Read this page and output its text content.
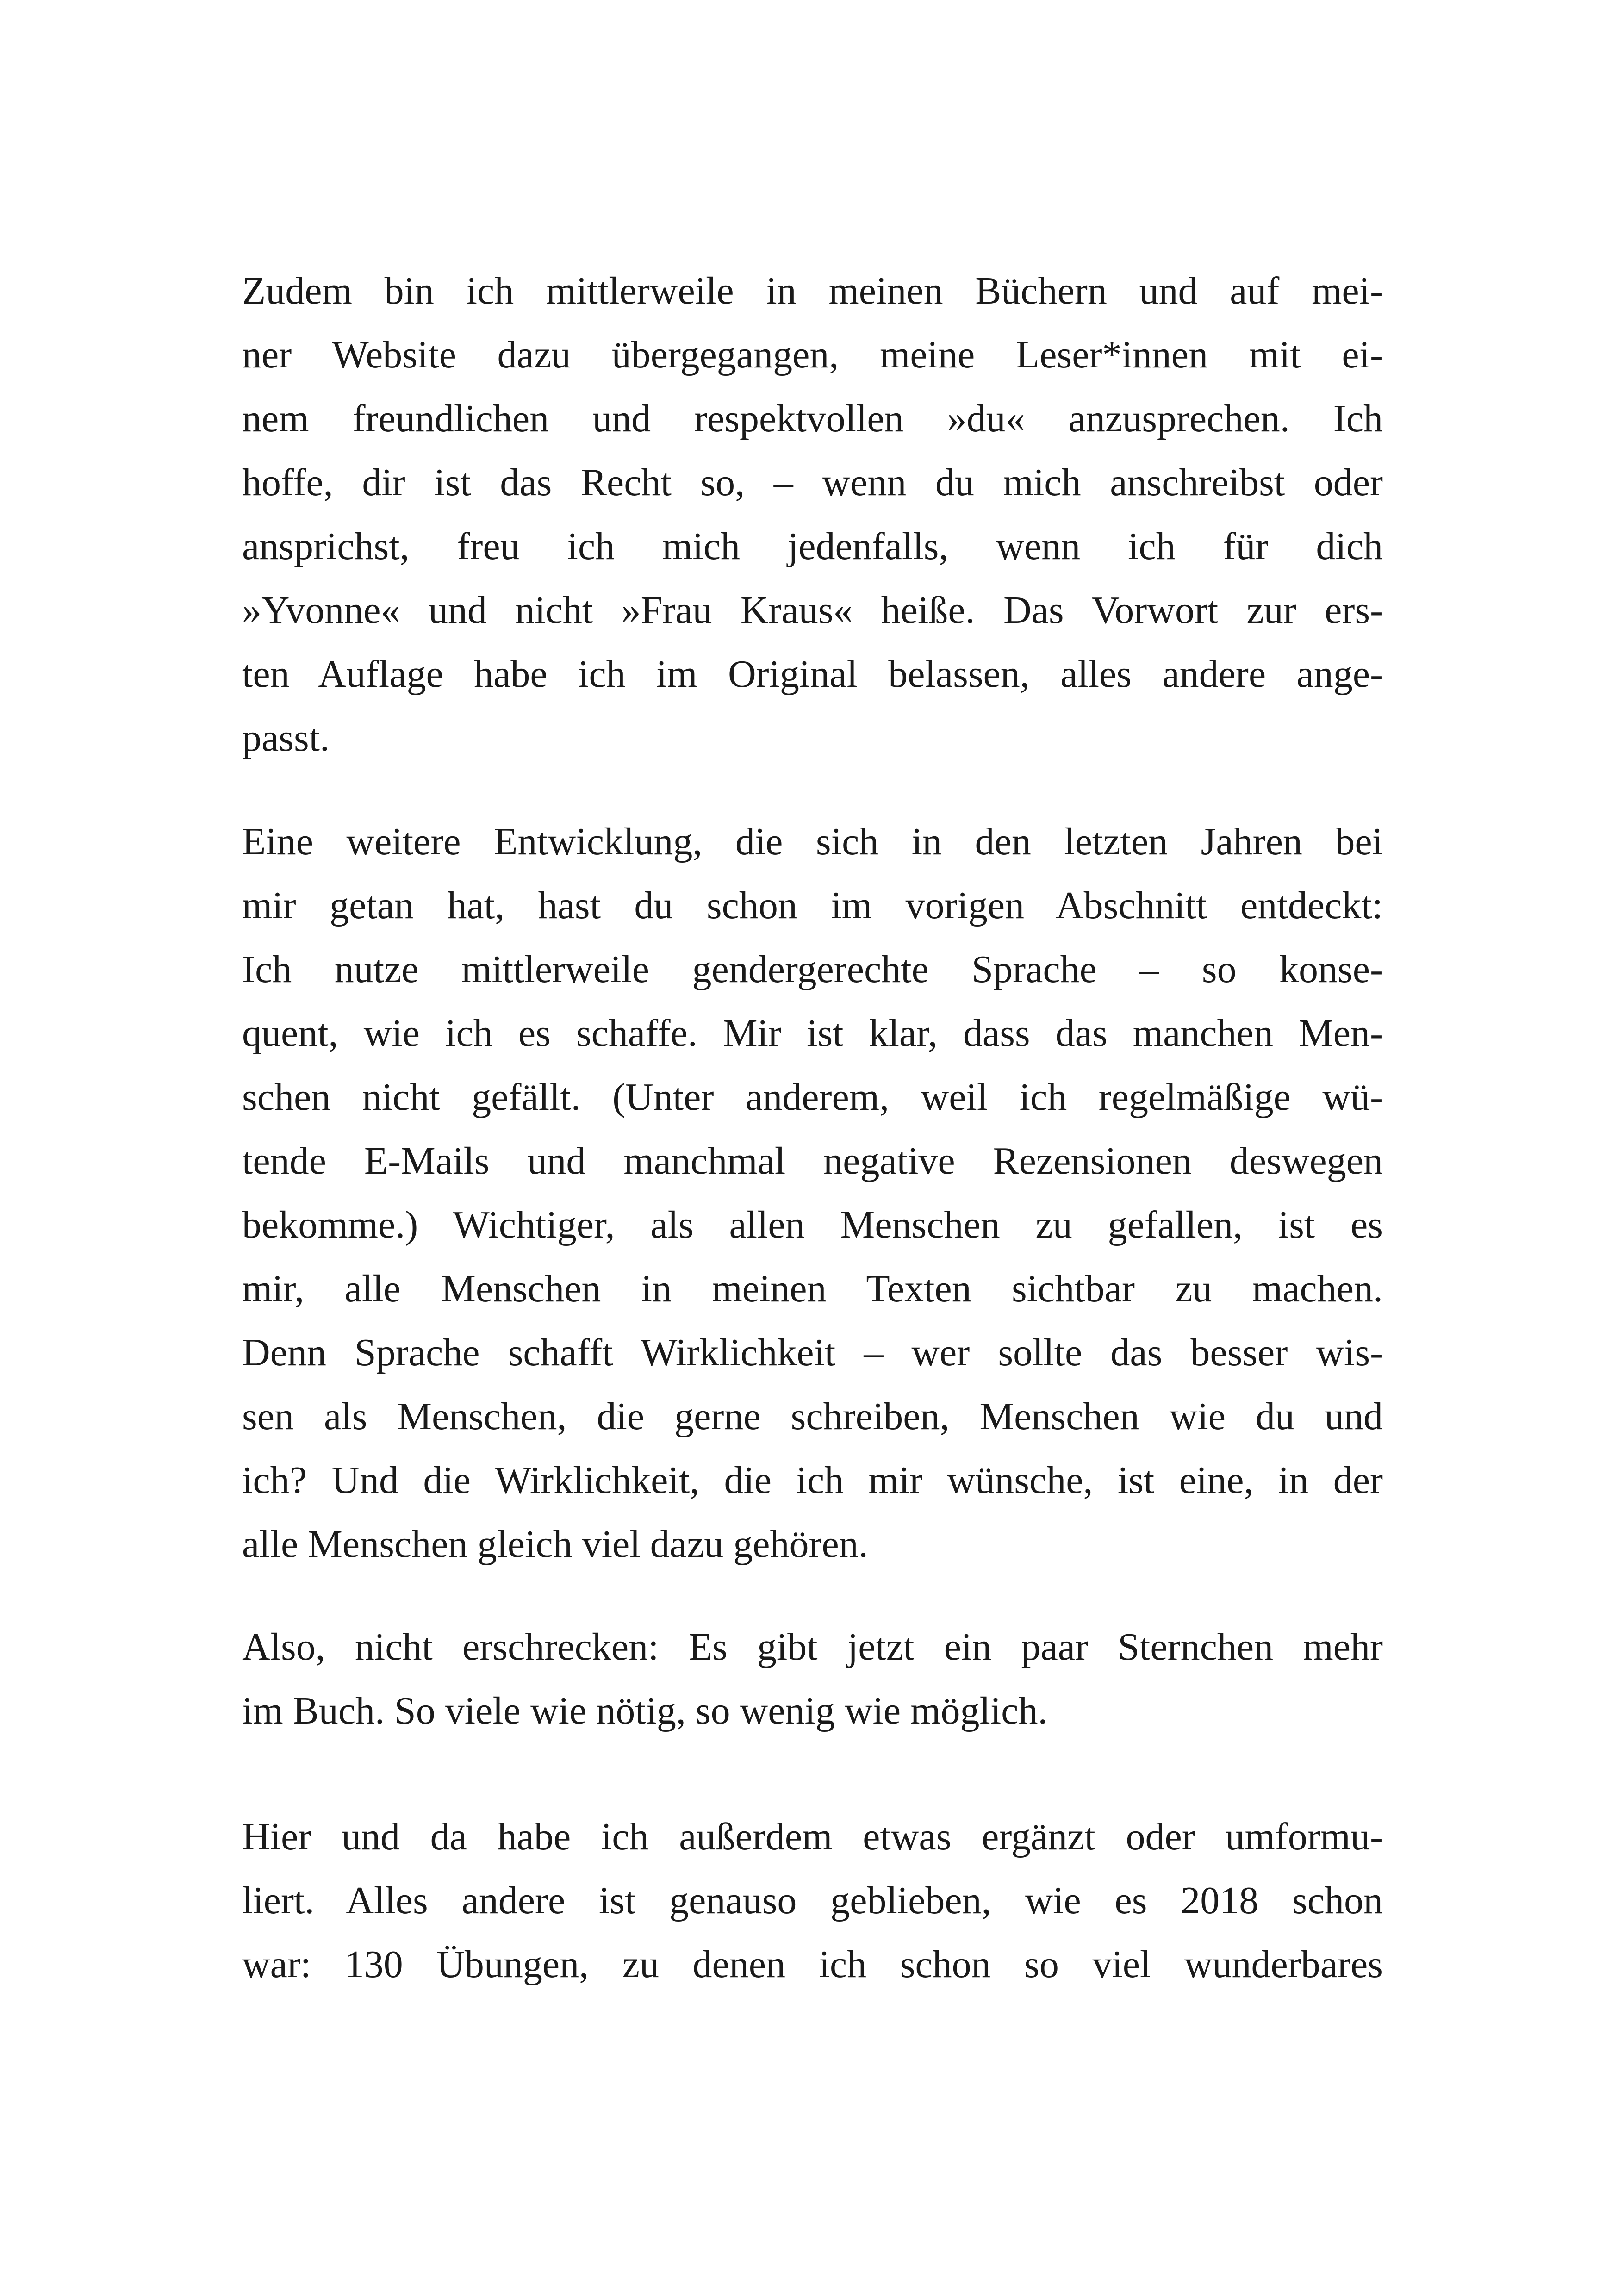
Zudem bin ich mittlerweile in meinen Büchern und auf mei-
ner Website dazu übergegangen, meine Leser*innen mit ei-
nem freundlichen und respektvollen »du« anzusprechen. Ich
hoffe, dir ist das Recht so, – wenn du mich anschreibst oder
ansprichst, freu ich mich jedenfalls, wenn ich für dich
»Yvonne« und nicht »Frau Kraus« heiße. Das Vorwort zur ers-
ten Auflage habe ich im Original belassen, alles andere ange-
passt.
Eine weitere Entwicklung, die sich in den letzten Jahren bei
mir getan hat, hast du schon im vorigen Abschnitt entdeckt:
Ich nutze mittlerweile gendergerechte Sprache – so konse-
quent, wie ich es schaffe. Mir ist klar, dass das manchen Men-
schen nicht gefällt. (Unter anderem, weil ich regelmäßige wü-
tende E-Mails und manchmal negative Rezensionen deswegen
bekomme.) Wichtiger, als allen Menschen zu gefallen, ist es
mir, alle Menschen in meinen Texten sichtbar zu machen.
Denn Sprache schafft Wirklichkeit – wer sollte das besser wis-
sen als Menschen, die gerne schreiben, Menschen wie du und
ich? Und die Wirklichkeit, die ich mir wünsche, ist eine, in der
alle Menschen gleich viel dazu gehören.
Also, nicht erschrecken: Es gibt jetzt ein paar Sternchen mehr
im Buch. So viele wie nötig, so wenig wie möglich.
Hier und da habe ich außerdem etwas ergänzt oder umformu-
liert. Alles andere ist genauso geblieben, wie es 2018 schon
war: 130 Übungen, zu denen ich schon so viel wunderbares
